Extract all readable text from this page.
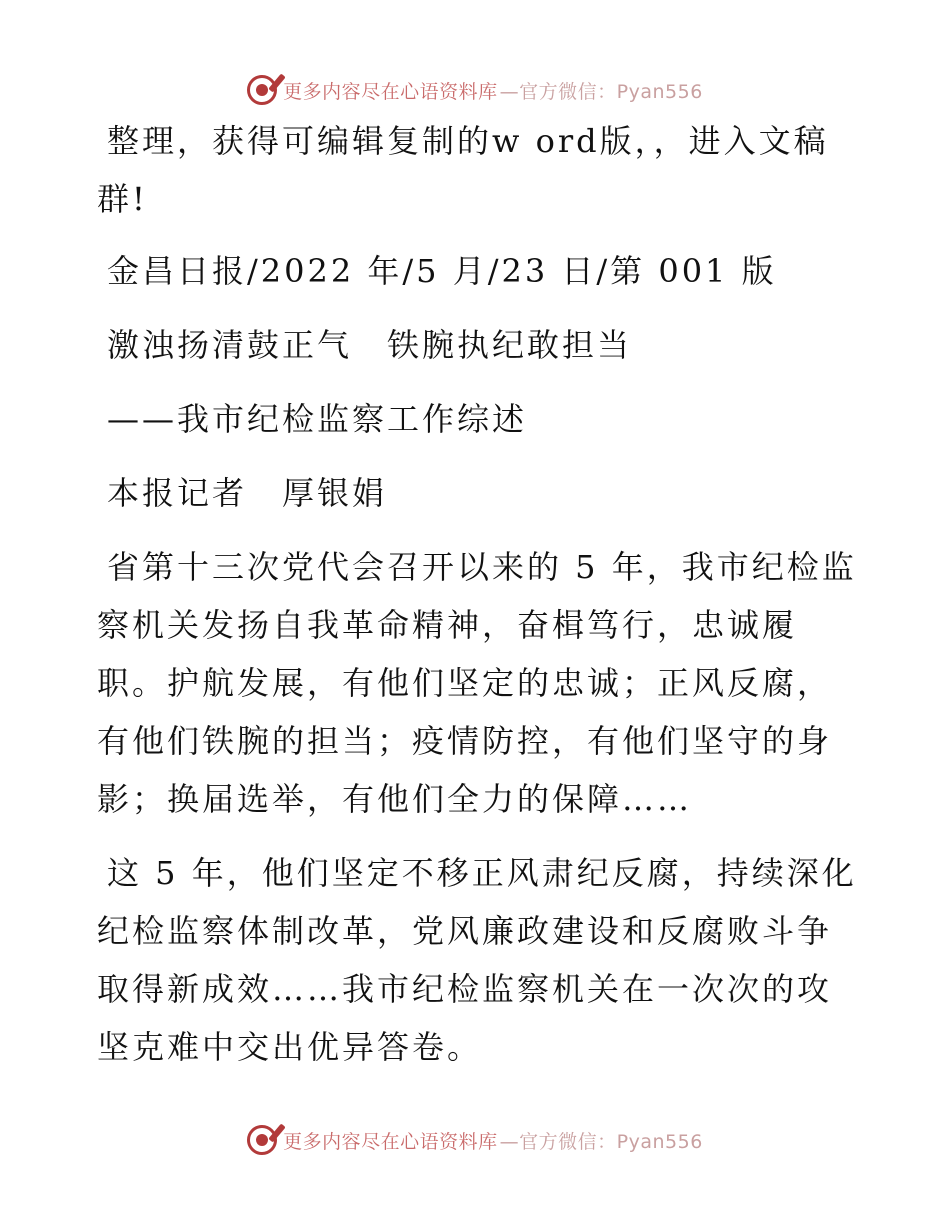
更多内容尽在心语资料库 —官方微信：Pyan556

整理，获得可编辑复制的w ord版，，进入文稿群!

金昌日报/2022 年/5 月/23 日/第 001 版

激浊扬清鼓正气　铁腕执纪敢担当

——我市纪检监察工作综述

本报记者　厚银娟

省第十三次党代会召开以来的 5 年，我市纪检监察机关发扬自我革命精神，奋楫笃行，忠诚履职。护航发展，有他们坚定的忠诚；正风反腐，有他们铁腕的担当；疫情防控，有他们坚守的身影；换届选举，有他们全力的保障……

这 5 年，他们坚定不移正风肃纪反腐，持续深化纪检监察体制改革，党风廉政建设和反腐败斗争取得新成效……我市纪检监察机关在一次次的攻坚克难中交出优异答卷。

更多内容尽在心语资料库 —官方微信：Pyan556
